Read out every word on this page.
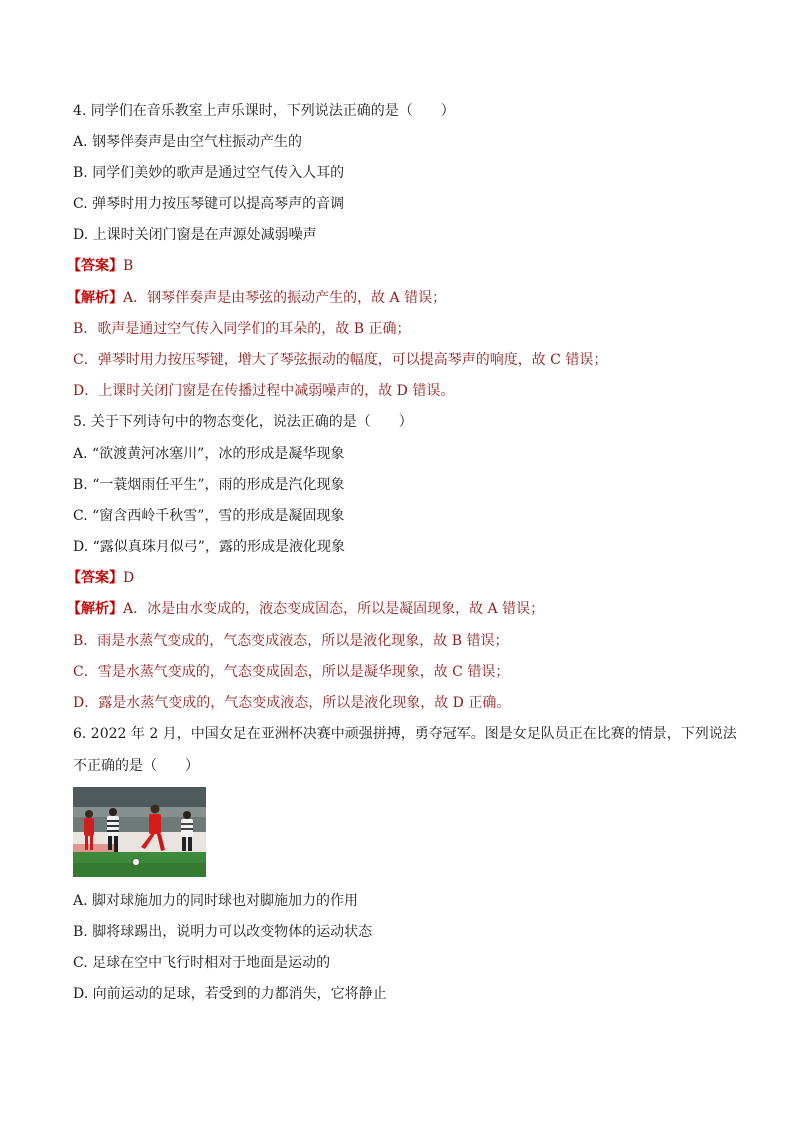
4. 同学们在音乐教室上声乐课时，下列说法正确的是（　　）
A. 钢琴伴奏声是由空气柱振动产生的
B. 同学们美妙的歌声是通过空气传入人耳的
C. 弹琴时用力按压琴键可以提高琴声的音调
D. 上课时关闭门窗是在声源处减弱噪声
【答案】B
【解析】A．钢琴伴奏声是由琴弦的振动产生的，故 A 错误；
B．歌声是通过空气传入同学们的耳朵的，故 B 正确；
C．弹琴时用力按压琴键，增大了琴弦振动的幅度，可以提高琴声的响度，故 C 错误；
D．上课时关闭门窗是在传播过程中减弱噪声的，故 D 错误。
5. 关于下列诗句中的物态变化，说法正确的是（　　）
A. “欲渡黄河冰塞川”，冰的形成是凝华现象
B. “一蓑烟雨任平生”，雨的形成是汽化现象
C. “窗含西岭千秋雪”，雪的形成是凝固现象
D. “露似真珠月似弓”，露的形成是液化现象
【答案】D
【解析】A．冰是由水变成的，液态变成固态，所以是凝固现象，故 A 错误；
B．雨是水蒸气变成的，气态变成液态，所以是液化现象，故 B 错误；
C．雪是水蒸气变成的，气态变成固态，所以是凝华现象，故 C 错误；
D．露是水蒸气变成的，气态变成液态，所以是液化现象，故 D 正确。
6. 2022 年 2 月，中国女足在亚洲杯决赛中顽强拼搏，勇夺冠军。图是女足队员正在比赛的情景，下列说法
不正确的是（　　）
A. 脚对球施加力的同时球也对脚施加力的作用
B. 脚将球踢出，说明力可以改变物体的运动状态
C. 足球在空中飞行时相对于地面是运动的
D. 向前运动的足球，若受到的力都消失，它将静止
